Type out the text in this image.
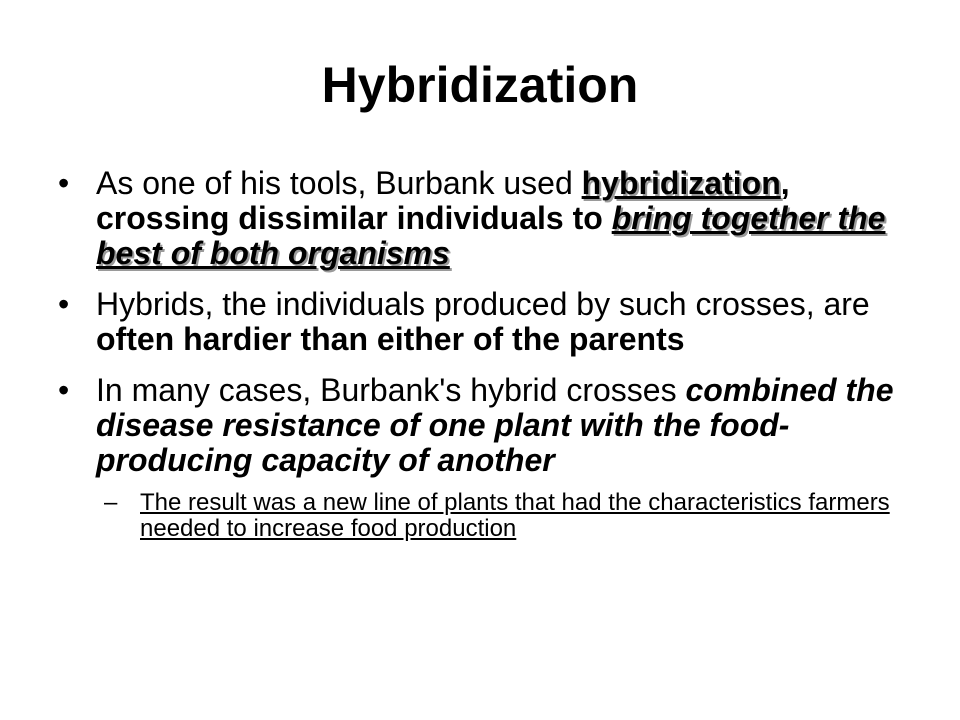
Hybridization
• As one of his tools, Burbank used hybridization, crossing dissimilar individuals to bring together the best of both organisms
• Hybrids, the individuals produced by such crosses, are often hardier than either of the parents
• In many cases, Burbank's hybrid crosses combined the disease resistance of one plant with the food-producing capacity of another
– The result was a new line of plants that had the characteristics farmers needed to increase food production
